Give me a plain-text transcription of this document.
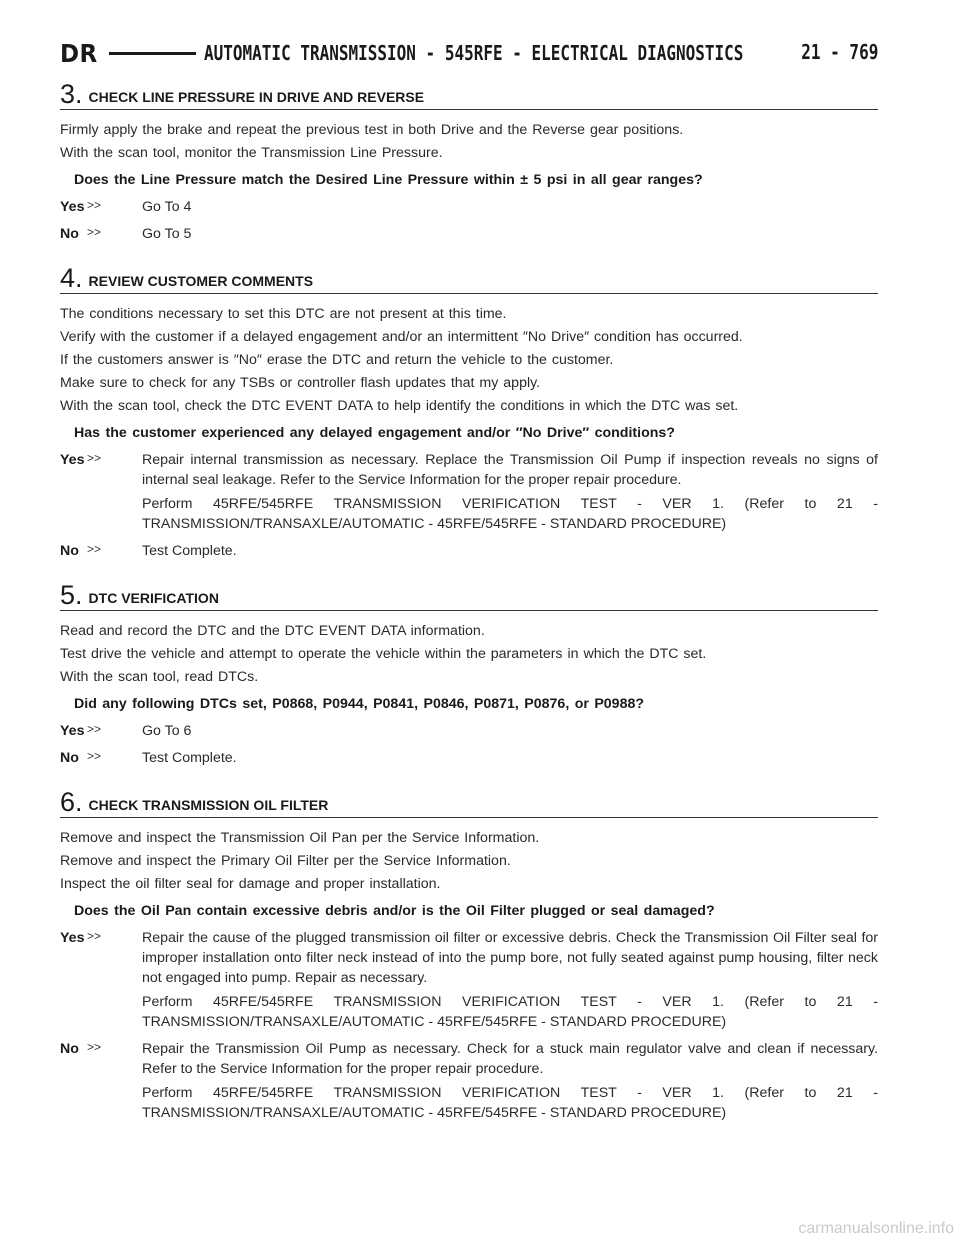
DR	AUTOMATIC TRANSMISSION - 545RFE - ELECTRICAL DIAGNOSTICS	21 - 769
3. CHECK LINE PRESSURE IN DRIVE AND REVERSE

Firmly apply the brake and repeat the previous test in both Drive and the Reverse gear positions.

With the scan tool, monitor the Transmission Line Pressure.

Does the Line Pressure match the Desired Line Pressure within ± 5 psi in all gear ranges?

Yes >>	Go To 4

No >>	Go To 5

4. REVIEW CUSTOMER COMMENTS

The conditions necessary to set this DTC are not present at this time.

Verify with the customer if a delayed engagement and/or an intermittent ″No Drive″ condition has occurred.

If the customers answer is ″No″ erase the DTC and return the vehicle to the customer.

Make sure to check for any TSBs or controller flash updates that my apply.

With the scan tool, check the DTC EVENT DATA to help identify the conditions in which the DTC was set.

Has the customer experienced any delayed engagement and/or ″No Drive″ conditions?

Yes >>	Repair internal transmission as necessary. Replace the Transmission Oil Pump if inspection reveals no signs of internal seal leakage. Refer to the Service Information for the proper repair procedure.

Perform 45RFE/545RFE TRANSMISSION VERIFICATION TEST - VER 1. (Refer to 21 - TRANSMISSION/TRANSAXLE/AUTOMATIC - 45RFE/545RFE - STANDARD PROCEDURE)

No >>	Test Complete.

5. DTC VERIFICATION

Read and record the DTC and the DTC EVENT DATA information.

Test drive the vehicle and attempt to operate the vehicle within the parameters in which the DTC set.

With the scan tool, read DTCs.

Did any following DTCs set, P0868, P0944, P0841, P0846, P0871, P0876, or P0988?

Yes >>	Go To 6

No >>	Test Complete.

6. CHECK TRANSMISSION OIL FILTER

Remove and inspect the Transmission Oil Pan per the Service Information.

Remove and inspect the Primary Oil Filter per the Service Information.

Inspect the oil filter seal for damage and proper installation.

Does the Oil Pan contain excessive debris and/or is the Oil Filter plugged or seal damaged?

Yes >>	Repair the cause of the plugged transmission oil filter or excessive debris. Check the Transmission Oil Filter seal for improper installation onto filter neck instead of into the pump bore, not fully seated against pump housing, filter neck not engaged into pump. Repair as necessary.

Perform 45RFE/545RFE TRANSMISSION VERIFICATION TEST - VER 1. (Refer to 21 - TRANSMISSION/TRANSAXLE/AUTOMATIC - 45RFE/545RFE - STANDARD PROCEDURE)

No >>	Repair the Transmission Oil Pump as necessary. Check for a stuck main regulator valve and clean if necessary. Refer to the Service Information for the proper repair procedure.

Perform 45RFE/545RFE TRANSMISSION VERIFICATION TEST - VER 1. (Refer to 21 - TRANSMISSION/TRANSAXLE/AUTOMATIC - 45RFE/545RFE - STANDARD PROCEDURE)

carmanualsonline.info
